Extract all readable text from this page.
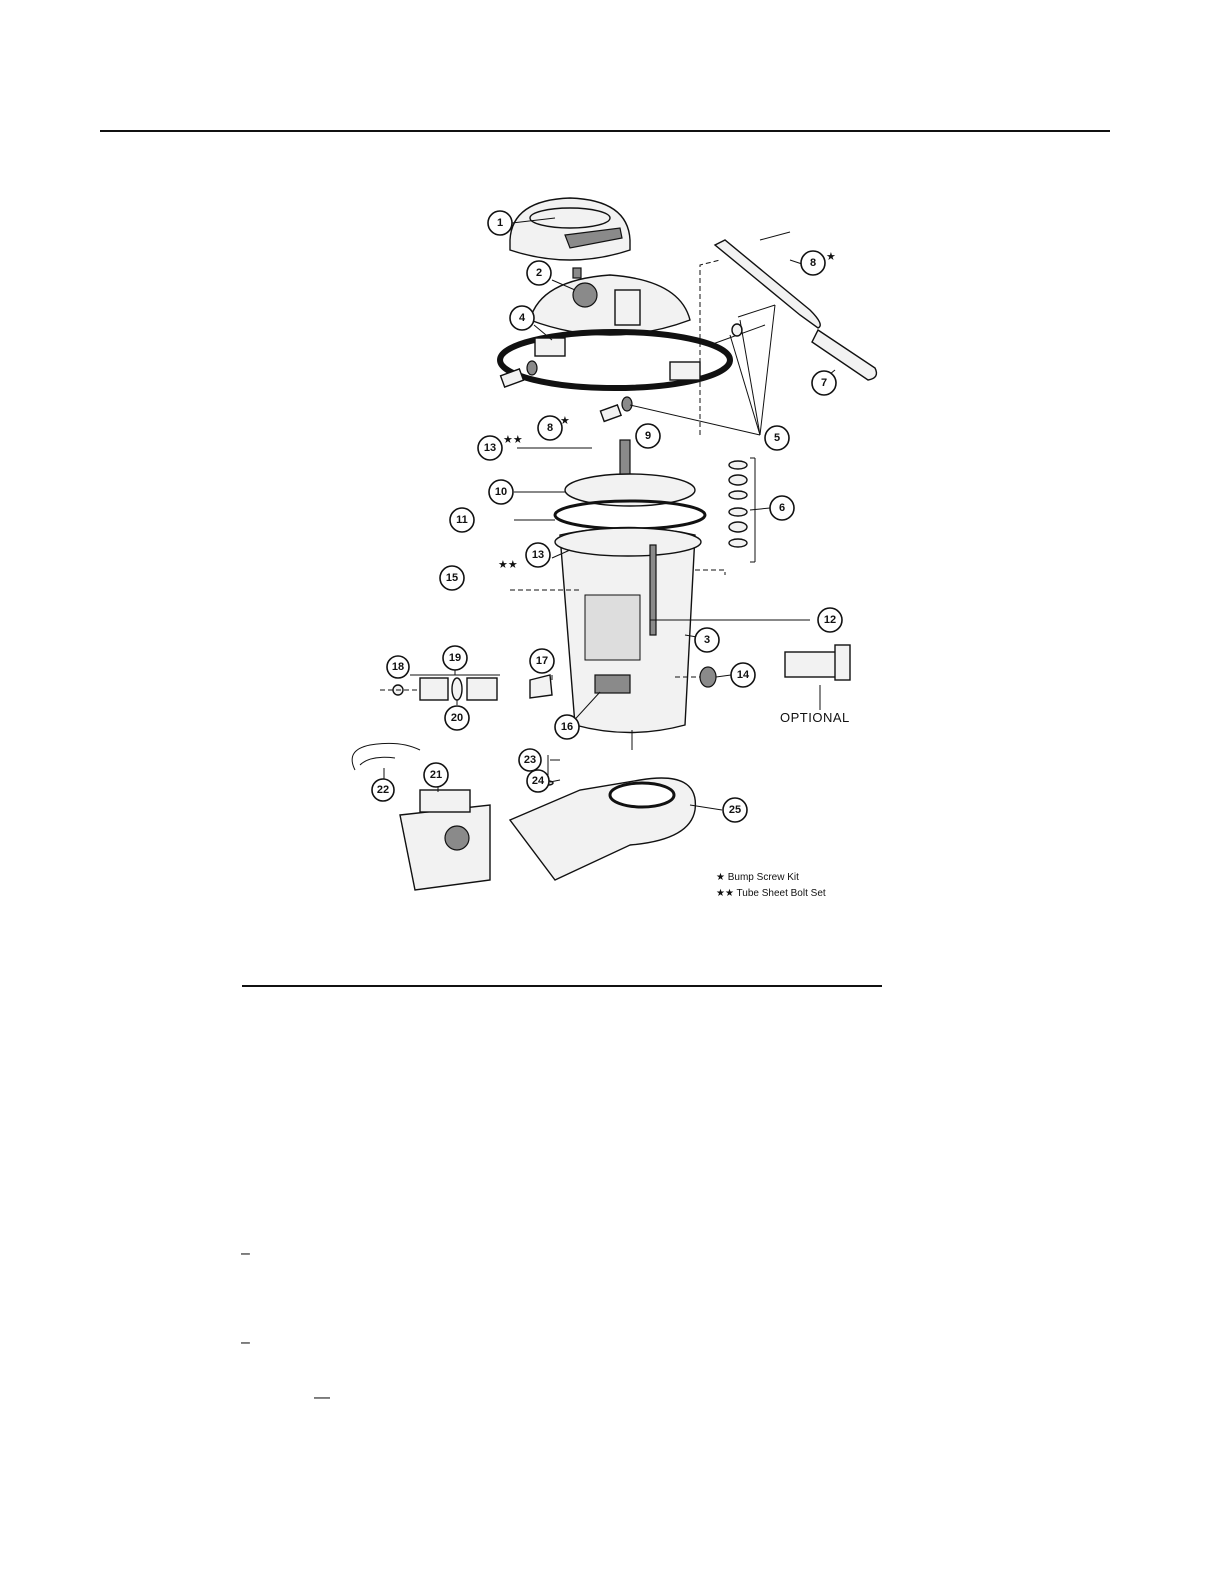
1
2
4
8
7
5
8
9
13
10
11
6
13
15
12
3
18
19	17
14
20
16
23
24
22
21
25
★
★
★★
★★
OPTIONAL
★ Bump Screw Kit
★★ Tube Sheet Bolt Set
–
–
—
